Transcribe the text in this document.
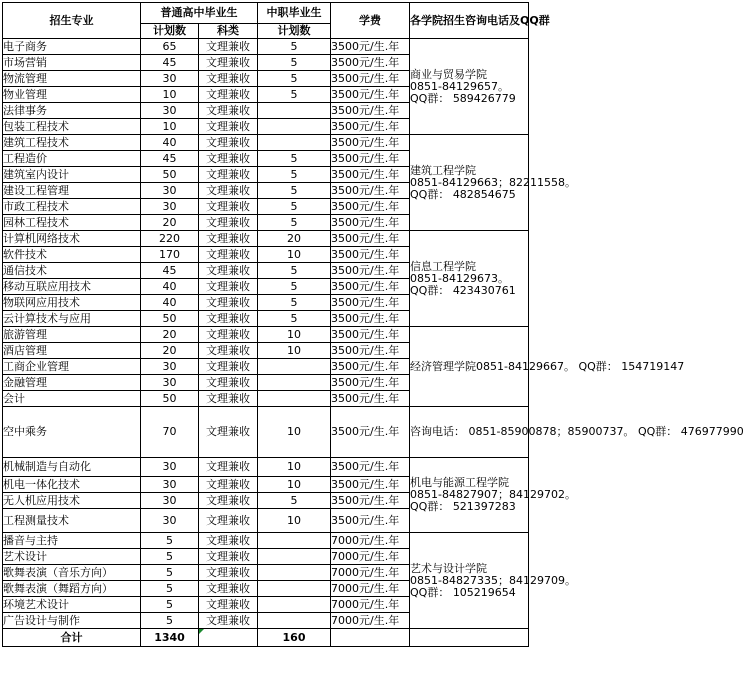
招生专业	普通高中毕业生		中职毕业生	学费	各学院招生咨询电话及QQ群
	计划数	科类	计划数		
电子商务	65	文理兼收	5	3500元/生.年	商业与贸易学院
0851-84129657。
QQ群： 589426779

市场营销	45	文理兼收	5	3500元/生.年	
物流管理	30	文理兼收	5	3500元/生.年	
物业管理	10	文理兼收	5	3500元/生.年	
法律事务	30	文理兼收		3500元/生.年	
包装工程技术	10	文理兼收		3500元/生.年	
建筑工程技术	40	文理兼收		3500元/生.年	建筑工程学院
0851-84129663；82211558。
QQ群： 482854675

工程造价	45	文理兼收	5	3500元/生.年	
建筑室内设计	50	文理兼收	5	3500元/生.年	
建设工程管理	30	文理兼收	5	3500元/生.年	
市政工程技术	30	文理兼收	5	3500元/生.年	
园林工程技术	20	文理兼收	5	3500元/生.年	
计算机网络技术	220	文理兼收	20	3500元/生.年	信息工程学院
0851-84129673。
QQ群： 423430761

软件技术	170	文理兼收	10	3500元/生.年	
通信技术	45	文理兼收	5	3500元/生.年	
移动互联应用技术	40	文理兼收	5	3500元/生.年	
物联网应用技术	40	文理兼收	5	3500元/生.年	
云计算技术与应用	50	文理兼收	5	3500元/生.年	
旅游管理	20	文理兼收	10	3500元/生.年	经济管理学院0851-84129667。 QQ群： 154719147
酒店管理	20	文理兼收	10	3500元/生.年	
工商企业管理	30	文理兼收		3500元/生.年	
金融管理	30	文理兼收		3500元/生.年	
会计	50	文理兼收		3500元/生.年	
空中乘务	70	文理兼收	10	3500元/生.年	咨询电话： 0851-85900878；85900737。 QQ群： 476977990
机械制造与自动化	30	文理兼收	10	3500元/生.年	机电与能源工程学院
0851-84827907；84129702。
QQ群： 521397283

机电一体化技术	30	文理兼收	10	3500元/生.年	
无人机应用技术	30	文理兼收	5	3500元/生.年	
工程测量技术	30	文理兼收	10	3500元/生.年	
播音与主持	5	文理兼收		7000元/生.年	艺术与设计学院
0851-84827335；84129709。
QQ群： 105219654

艺术设计	5	文理兼收		7000元/生.年	
歌舞表演（音乐方向）	5	文理兼收		7000元/生.年	
歌舞表演（舞蹈方向）	5	文理兼收		7000元/生.年	
环境艺术设计	5	文理兼收		7000元/生.年	
广告设计与制作	5	文理兼收		7000元/生.年	
合计	1340		160		
